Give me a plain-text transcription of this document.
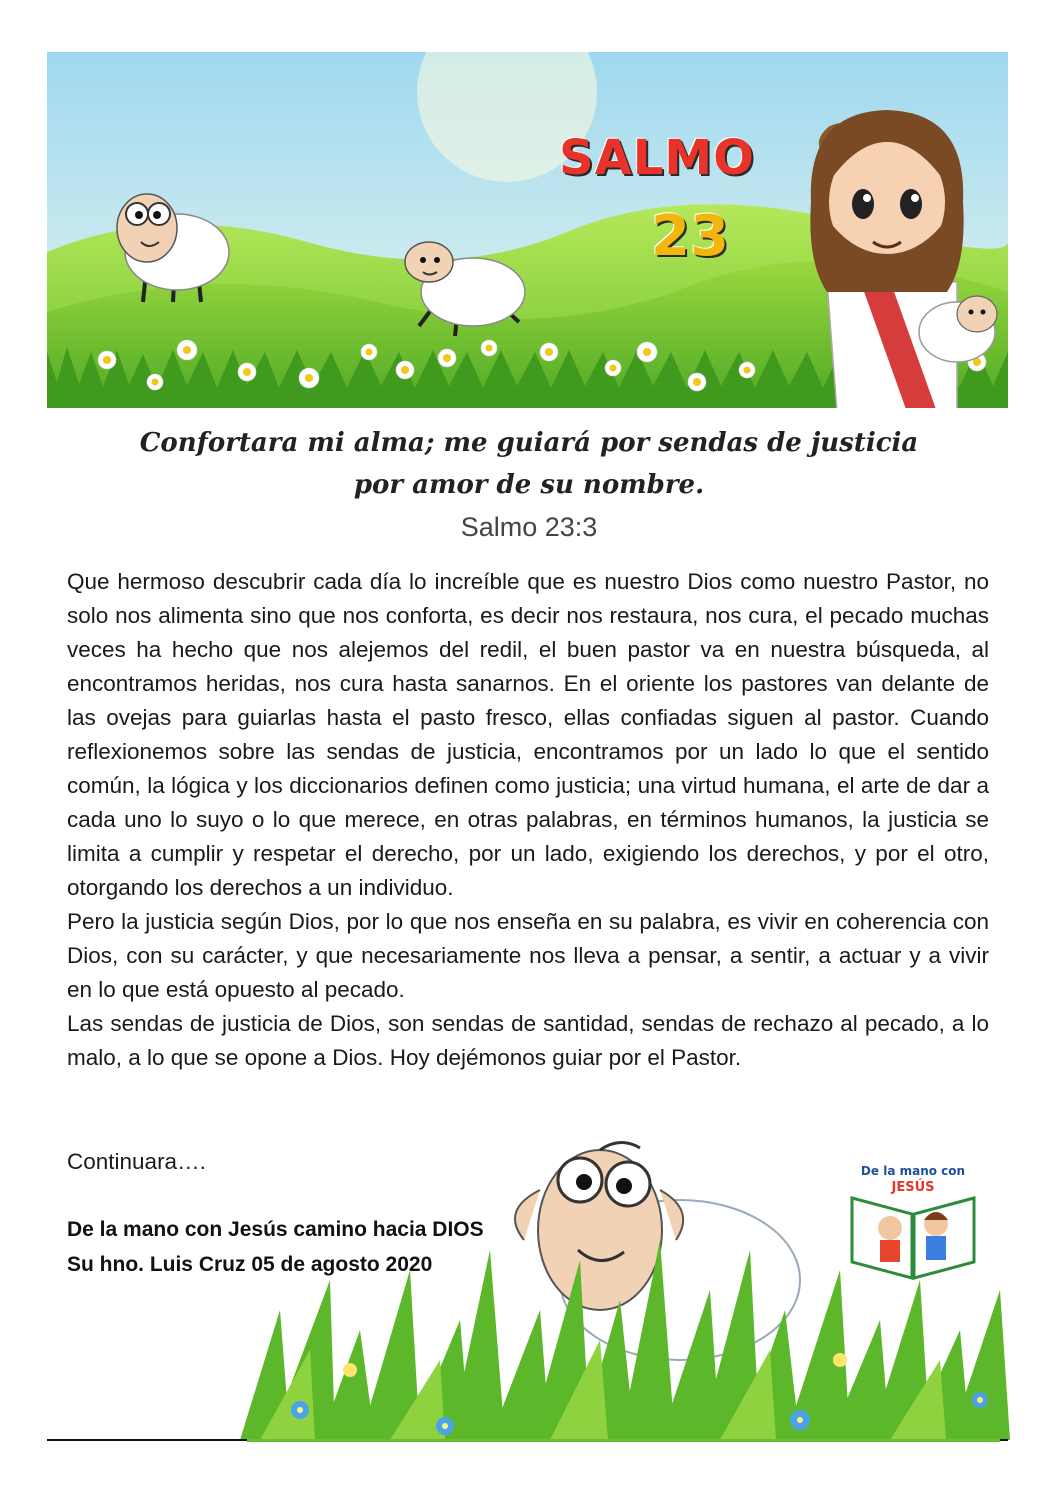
SALMO
23
Confortara mi alma; me guiará por sendas de justicia
por amor de su nombre.
Salmo 23:3

Que hermoso descubrir cada día lo increíble que es nuestro Dios como nuestro Pastor, no solo nos alimenta sino que nos conforta, es decir nos restaura, nos cura, el pecado muchas veces ha hecho que nos alejemos del redil, el buen pastor va en nuestra búsqueda, al encontramos heridas, nos cura hasta sanarnos. En el oriente los pastores van delante de las ovejas para guiarlas hasta el pasto fresco, ellas confiadas siguen al pastor. Cuando reflexionemos sobre las sendas de justicia, encontramos por un lado lo que el sentido común, la lógica y los diccionarios definen como justicia; una virtud humana, el arte de dar a cada uno lo suyo o lo que merece, en otras palabras, en términos humanos, la justicia se limita a cumplir y respetar el derecho, por un lado, exigiendo los derechos, y por el otro, otorgando los derechos a un individuo.

Pero la justicia según Dios, por lo que nos enseña en su palabra, es vivir en coherencia con Dios, con su carácter, y que necesariamente nos lleva a pensar, a sentir, a actuar y a vivir en lo que está opuesto al pecado.

Las sendas de justicia de Dios, son sendas de santidad, sendas de rechazo al pecado, a lo malo, a lo que se opone a Dios. Hoy dejémonos guiar por el Pastor.

Continuara….
De la mano con Jesús camino hacia DIOS
Su hno. Luis Cruz 05 de agosto 2020
De la mano con
JESÚS
